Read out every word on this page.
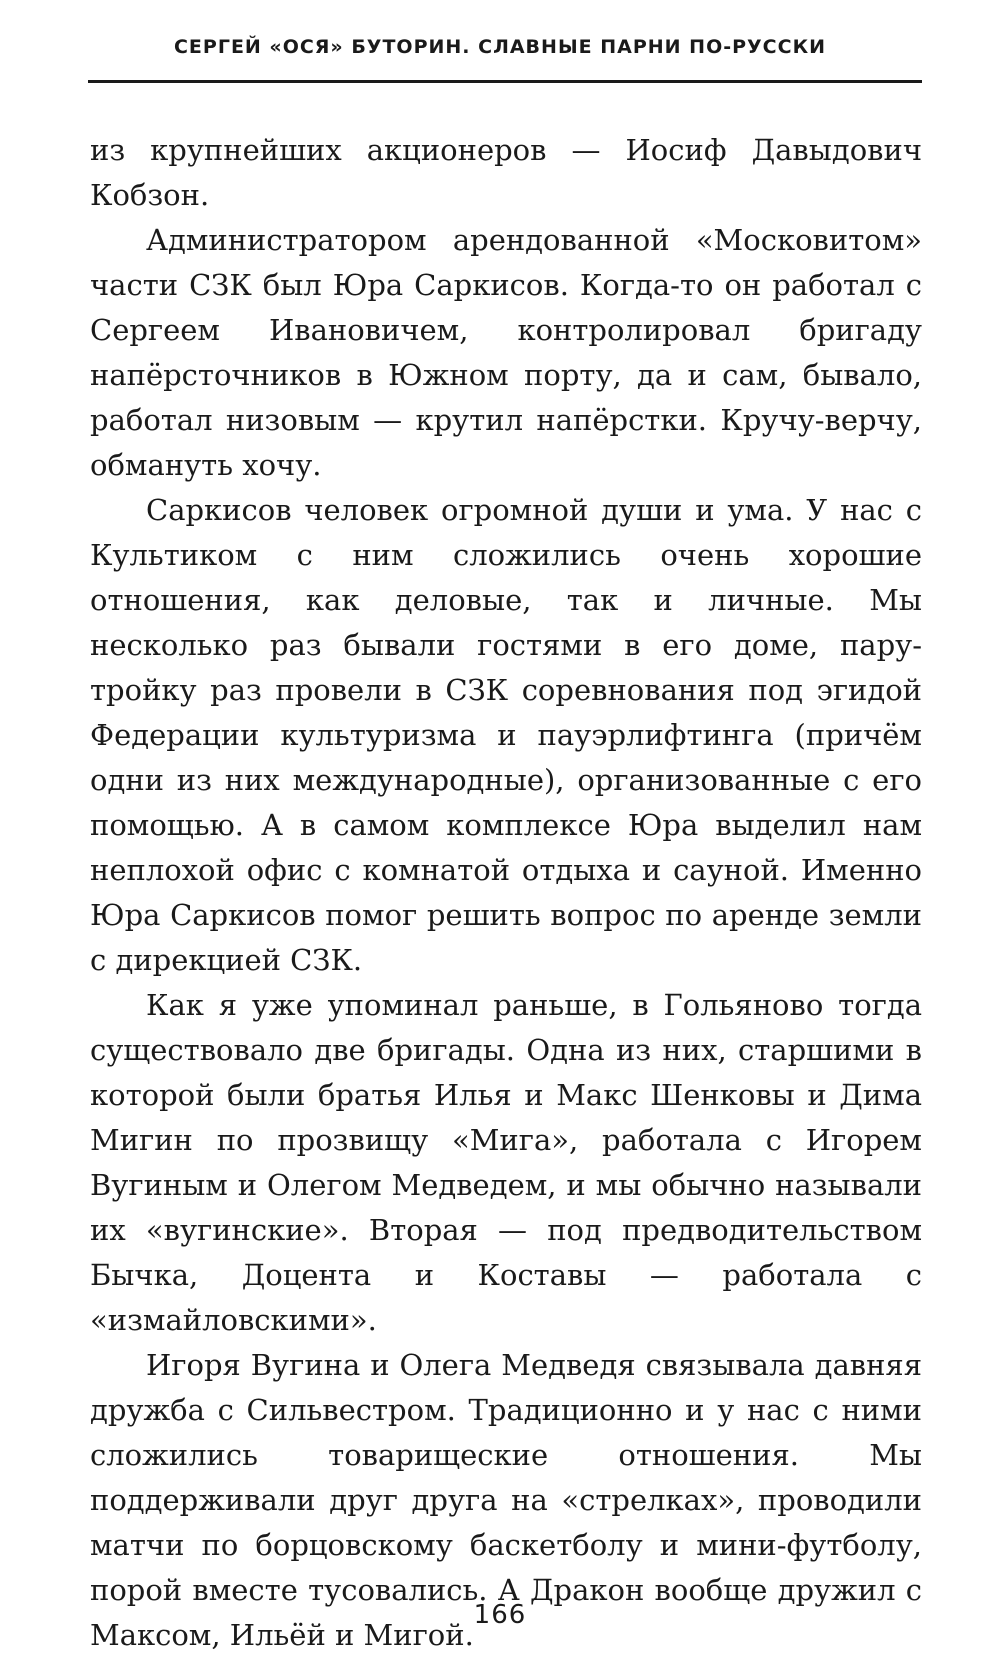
СЕРГЕЙ «ОСЯ» БУТОРИН. СЛАВНЫЕ ПАРНИ ПО-РУССКИ

из крупнейших акционеров — Иосиф Давыдович Кобзон.

Администратором арендованной «Московитом» части СЗК был Юра Саркисов. Когда-то он работал с Сергеем Ивановичем, контролировал бригаду напёрсточников в Южном порту, да и сам, бывало, работал низовым — крутил напёрстки. Кручу-верчу, обмануть хочу.

Саркисов человек огромной души и ума. У нас с Культиком с ним сложились очень хорошие отношения, как деловые, так и личные. Мы несколько раз бывали гостями в его доме, пару-тройку раз провели в СЗК соревнования под эгидой Федерации культуризма и пауэрлифтинга (причём одни из них международные), организованные с его помощью. А в самом комплексе Юра выделил нам неплохой офис с комнатой отдыха и сауной. Именно Юра Саркисов помог решить вопрос по аренде земли с дирекцией СЗК.

Как я уже упоминал раньше, в Гольяново тогда существовало две бригады. Одна из них, старшими в которой были братья Илья и Макс Шенковы и Дима Мигин по прозвищу «Мига», работала с Игорем Вугиным и Олегом Медведем, и мы обычно называли их «вугинские». Вторая — под предводительством Бычка, Доцента и Коставы — работала с «измайловскими».

Игоря Вугина и Олега Медведя связывала давняя дружба с Сильвестром. Традиционно и у нас с ними сложились товарищеские отношения. Мы поддерживали друг друга на «стрелках», проводили матчи по борцовскому баскетболу и мини-футболу, порой вместе тусовались. А Дракон вообще дружил с Максом, Ильёй и Мигой.

166
